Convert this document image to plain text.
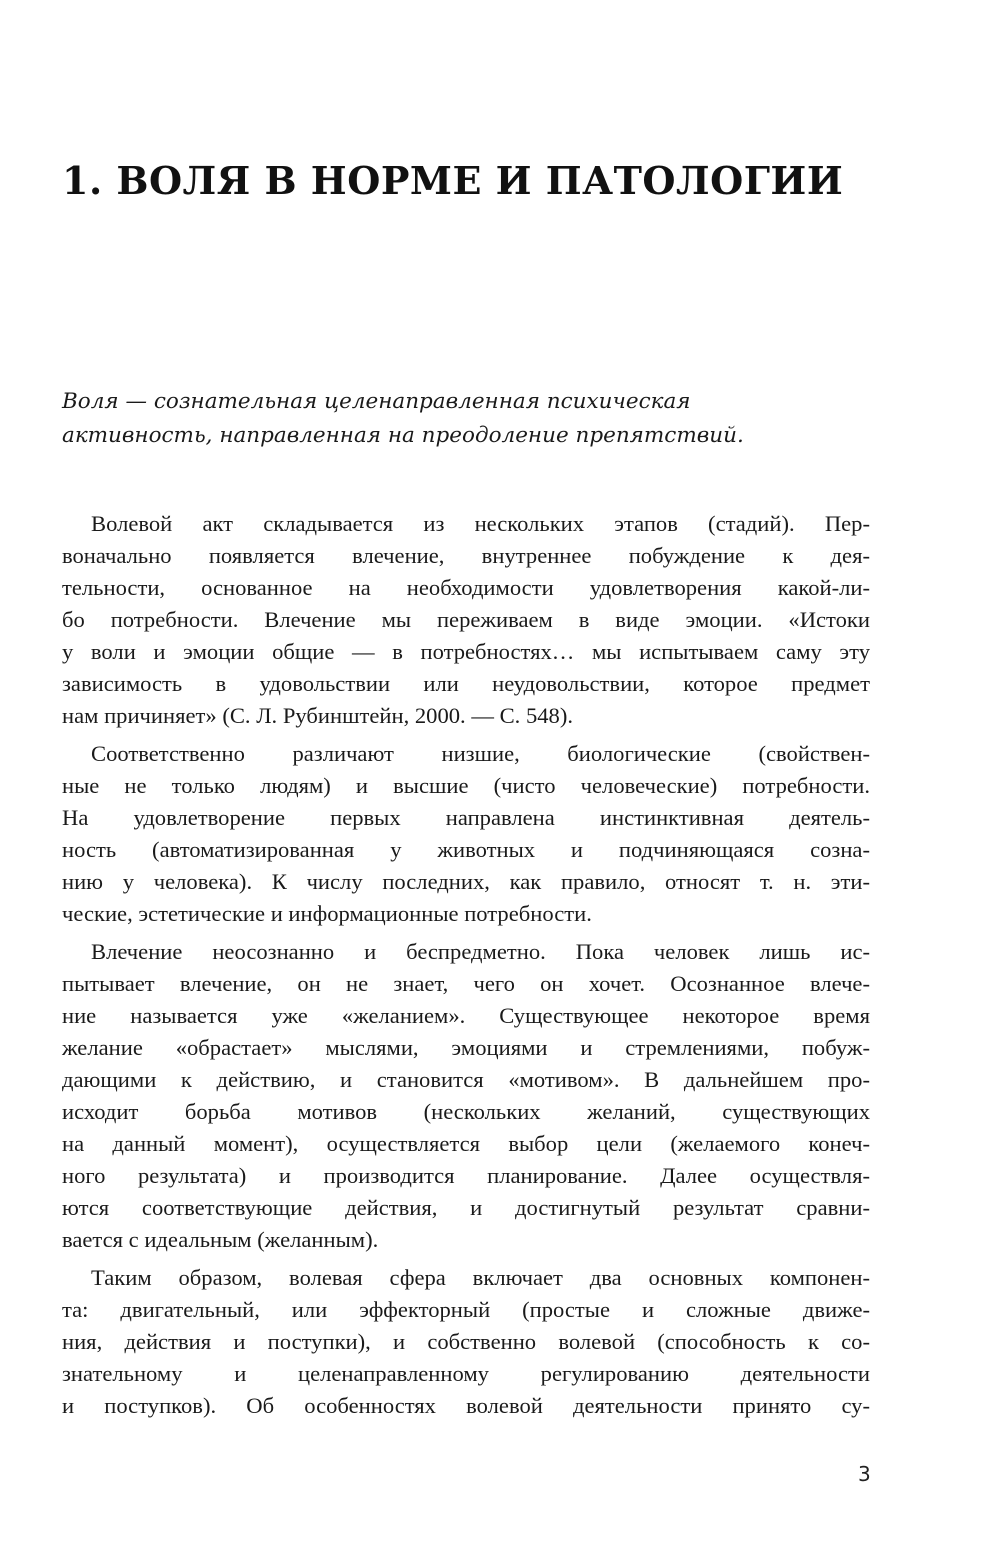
1. ВОЛЯ В НОРМЕ И ПАТОЛОГИИ
Воля — сознательная целенаправленная психическая
активность, направленная на преодоление препятствий.
Волевой акт складывается из нескольких этапов (стадий). Пер-
воначально появляется влечение, внутреннее побуждение к дея-
тельности, основанное на необходимости удовлетворения какой-ли-
бо потребности. Влечение мы переживаем в виде эмоции. «Истоки
у воли и эмоции общие — в потребностях… мы испытываем саму эту
зависимость в удовольствии или неудовольствии, которое предмет
нам причиняет» (С. Л. Рубинштейн, 2000. — С. 548).
Соответственно различают низшие, биологические (свойствен-
ные не только людям) и высшие (чисто человеческие) потребности.
На удовлетворение первых направлена инстинктивная деятель-
ность (автоматизированная у животных и подчиняющаяся созна-
нию у человека). К числу последних, как правило, относят т. н. эти-
ческие, эстетические и информационные потребности.
Влечение неосознанно и беспредметно. Пока человек лишь ис-
пытывает влечение, он не знает, чего он хочет. Осознанное влече-
ние называется уже «желанием». Существующее некоторое время
желание «обрастает» мыслями, эмоциями и стремлениями, побуж-
дающими к действию, и становится «мотивом». В дальнейшем про-
исходит борьба мотивов (нескольких желаний, существующих
на данный момент), осуществляется выбор цели (желаемого конеч-
ного результата) и производится планирование. Далее осуществля-
ются соответствующие действия, и достигнутый результат сравни-
вается с идеальным (желанным).
Таким образом, волевая сфера включает два основных компонен-
та: двигательный, или эффекторный (простые и сложные движе-
ния, действия и поступки), и собственно волевой (способность к со-
знательному и целенаправленному регулированию деятельности
и поступков). Об особенностях волевой деятельности принято су-
3
